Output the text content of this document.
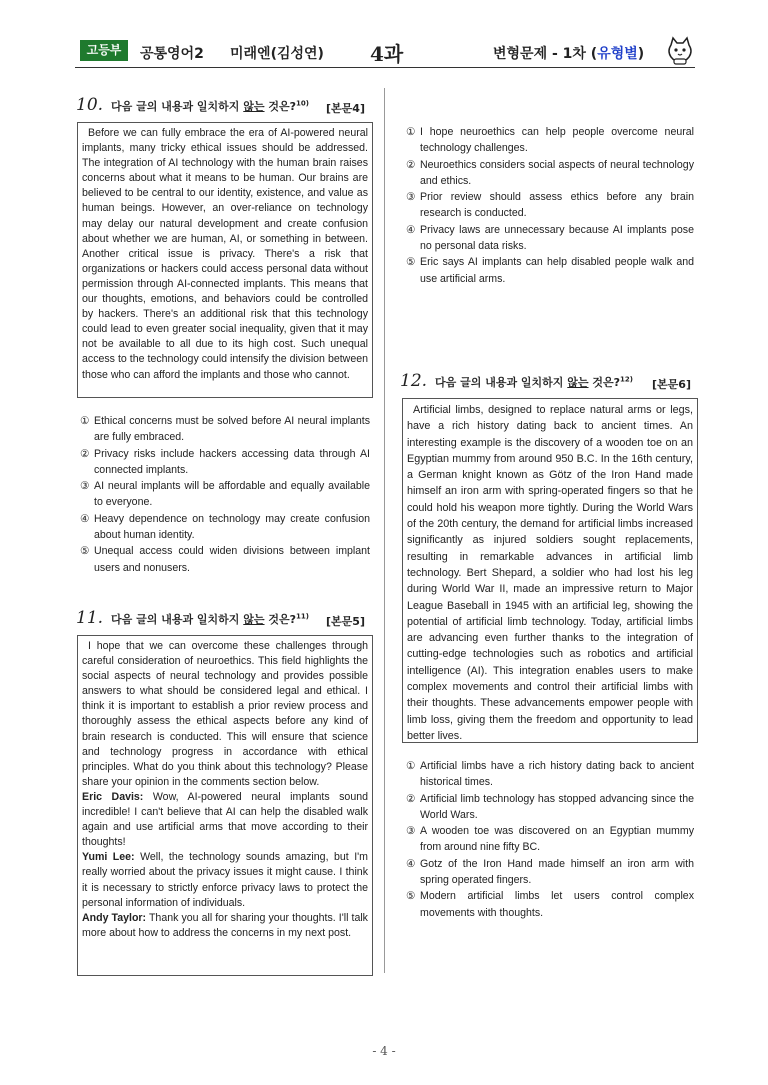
고등부	공통영어2 미래엔(김성연) 4과	변형문제 - 1차 (유형별)
10. 다음 글의 내용과 일치하지 않는 것은?$^{10)}$ [본문4]

Before we can fully embrace the era of AI-powered neural implants, many tricky ethical issues should be addressed. The integration of AI technology with the human brain raises concerns about what it means to be human. Our brains are believed to be central to our identity, existence, and value as human beings. However, an over-reliance on technology may delay our natural development and create confusion about whether we are human, AI, or something in between. Another critical issue is privacy. There's a risk that organizations or hackers could access personal data without permission through AI-connected implants. This means that our thoughts, emotions, and behaviors could be controlled by hackers. There's an additional risk that this technology could lead to even greater social inequality, given that it may not be available to all due to its high cost. Such unequal access to the technology could intensify the division between those who can afford the implants and those who cannot.

① Ethical concerns must be solved before AI neural implants are fully embraced.
② Privacy risks include hackers accessing data through AI connected implants.
③ AI neural implants will be affordable and equally available to everyone.
④ Heavy dependence on technology may create confusion about human identity.
⑤ Unequal access could widen divisions between implant users and nonusers.
11. 다음 글의 내용과 일치하지 않는 것은?$^{11)}$ [본문5]

I hope that we can overcome these challenges through careful consideration of neuroethics. This field highlights the social aspects of neural technology and provides possible answers to what should be considered legal and ethical. I think it is important to establish a prior review process and thoroughly assess the ethical aspects before any kind of brain research is conducted. This will ensure that science and technology progress in accordance with ethical principles. What do you think about this technology? Please share your opinion in the comments section below.

Eric Davis: Wow, AI-powered neural implants sound incredible! I can't believe that AI can help the disabled walk again and use artificial arms that move according to their thoughts!

Yumi Lee: Well, the technology sounds amazing, but I'm really worried about the privacy issues it might cause. I think it is necessary to strictly enforce privacy laws to protect the personal information of individuals.

Andy Taylor: Thank you all for sharing your thoughts. I'll talk more about how to address the concerns in my next post.

① I hope neuroethics can help people overcome neural technology challenges.
② Neuroethics considers social aspects of neural technology and ethics.
③ Prior review should assess ethics before any brain research is conducted.
④ Privacy laws are unnecessary because AI implants pose no personal data risks.
⑤ Eric says AI implants can help disabled people walk and use artificial arms.
12. 다음 글의 내용과 일치하지 않는 것은?$^{12)}$ [본문6]

Artificial limbs, designed to replace natural arms or legs, have a rich history dating back to ancient times. An interesting example is the discovery of a wooden toe on an Egyptian mummy from around 950 B.C. In the 16th century, a German knight known as Götz of the Iron Hand made himself an iron arm with spring-operated fingers so that he could hold his weapon more tightly. During the World Wars of the 20th century, the demand for artificial limbs increased significantly as injured soldiers sought replacements, resulting in remarkable advances in artificial limb technology. Bert Shepard, a soldier who had lost his leg during World War II, made an impressive return to Major League Baseball in 1945 with an artificial leg, showing the potential of artificial limb technology. Today, artificial limbs are advancing even further thanks to the integration of cutting-edge technologies such as robotics and artificial intelligence (AI). This integration enables users to make complex movements and control their artificial limbs with their thoughts. These advancements empower people with limb loss, giving them the freedom and opportunity to lead better lives.

① Artificial limbs have a rich history dating back to ancient historical times.
② Artificial limb technology has stopped advancing since the World Wars.
③ A wooden toe was discovered on an Egyptian mummy from around nine fifty BC.
④ Gotz of the Iron Hand made himself an iron arm with spring operated fingers.
⑤ Modern artificial limbs let users control complex movements with thoughts.
- 4 -
